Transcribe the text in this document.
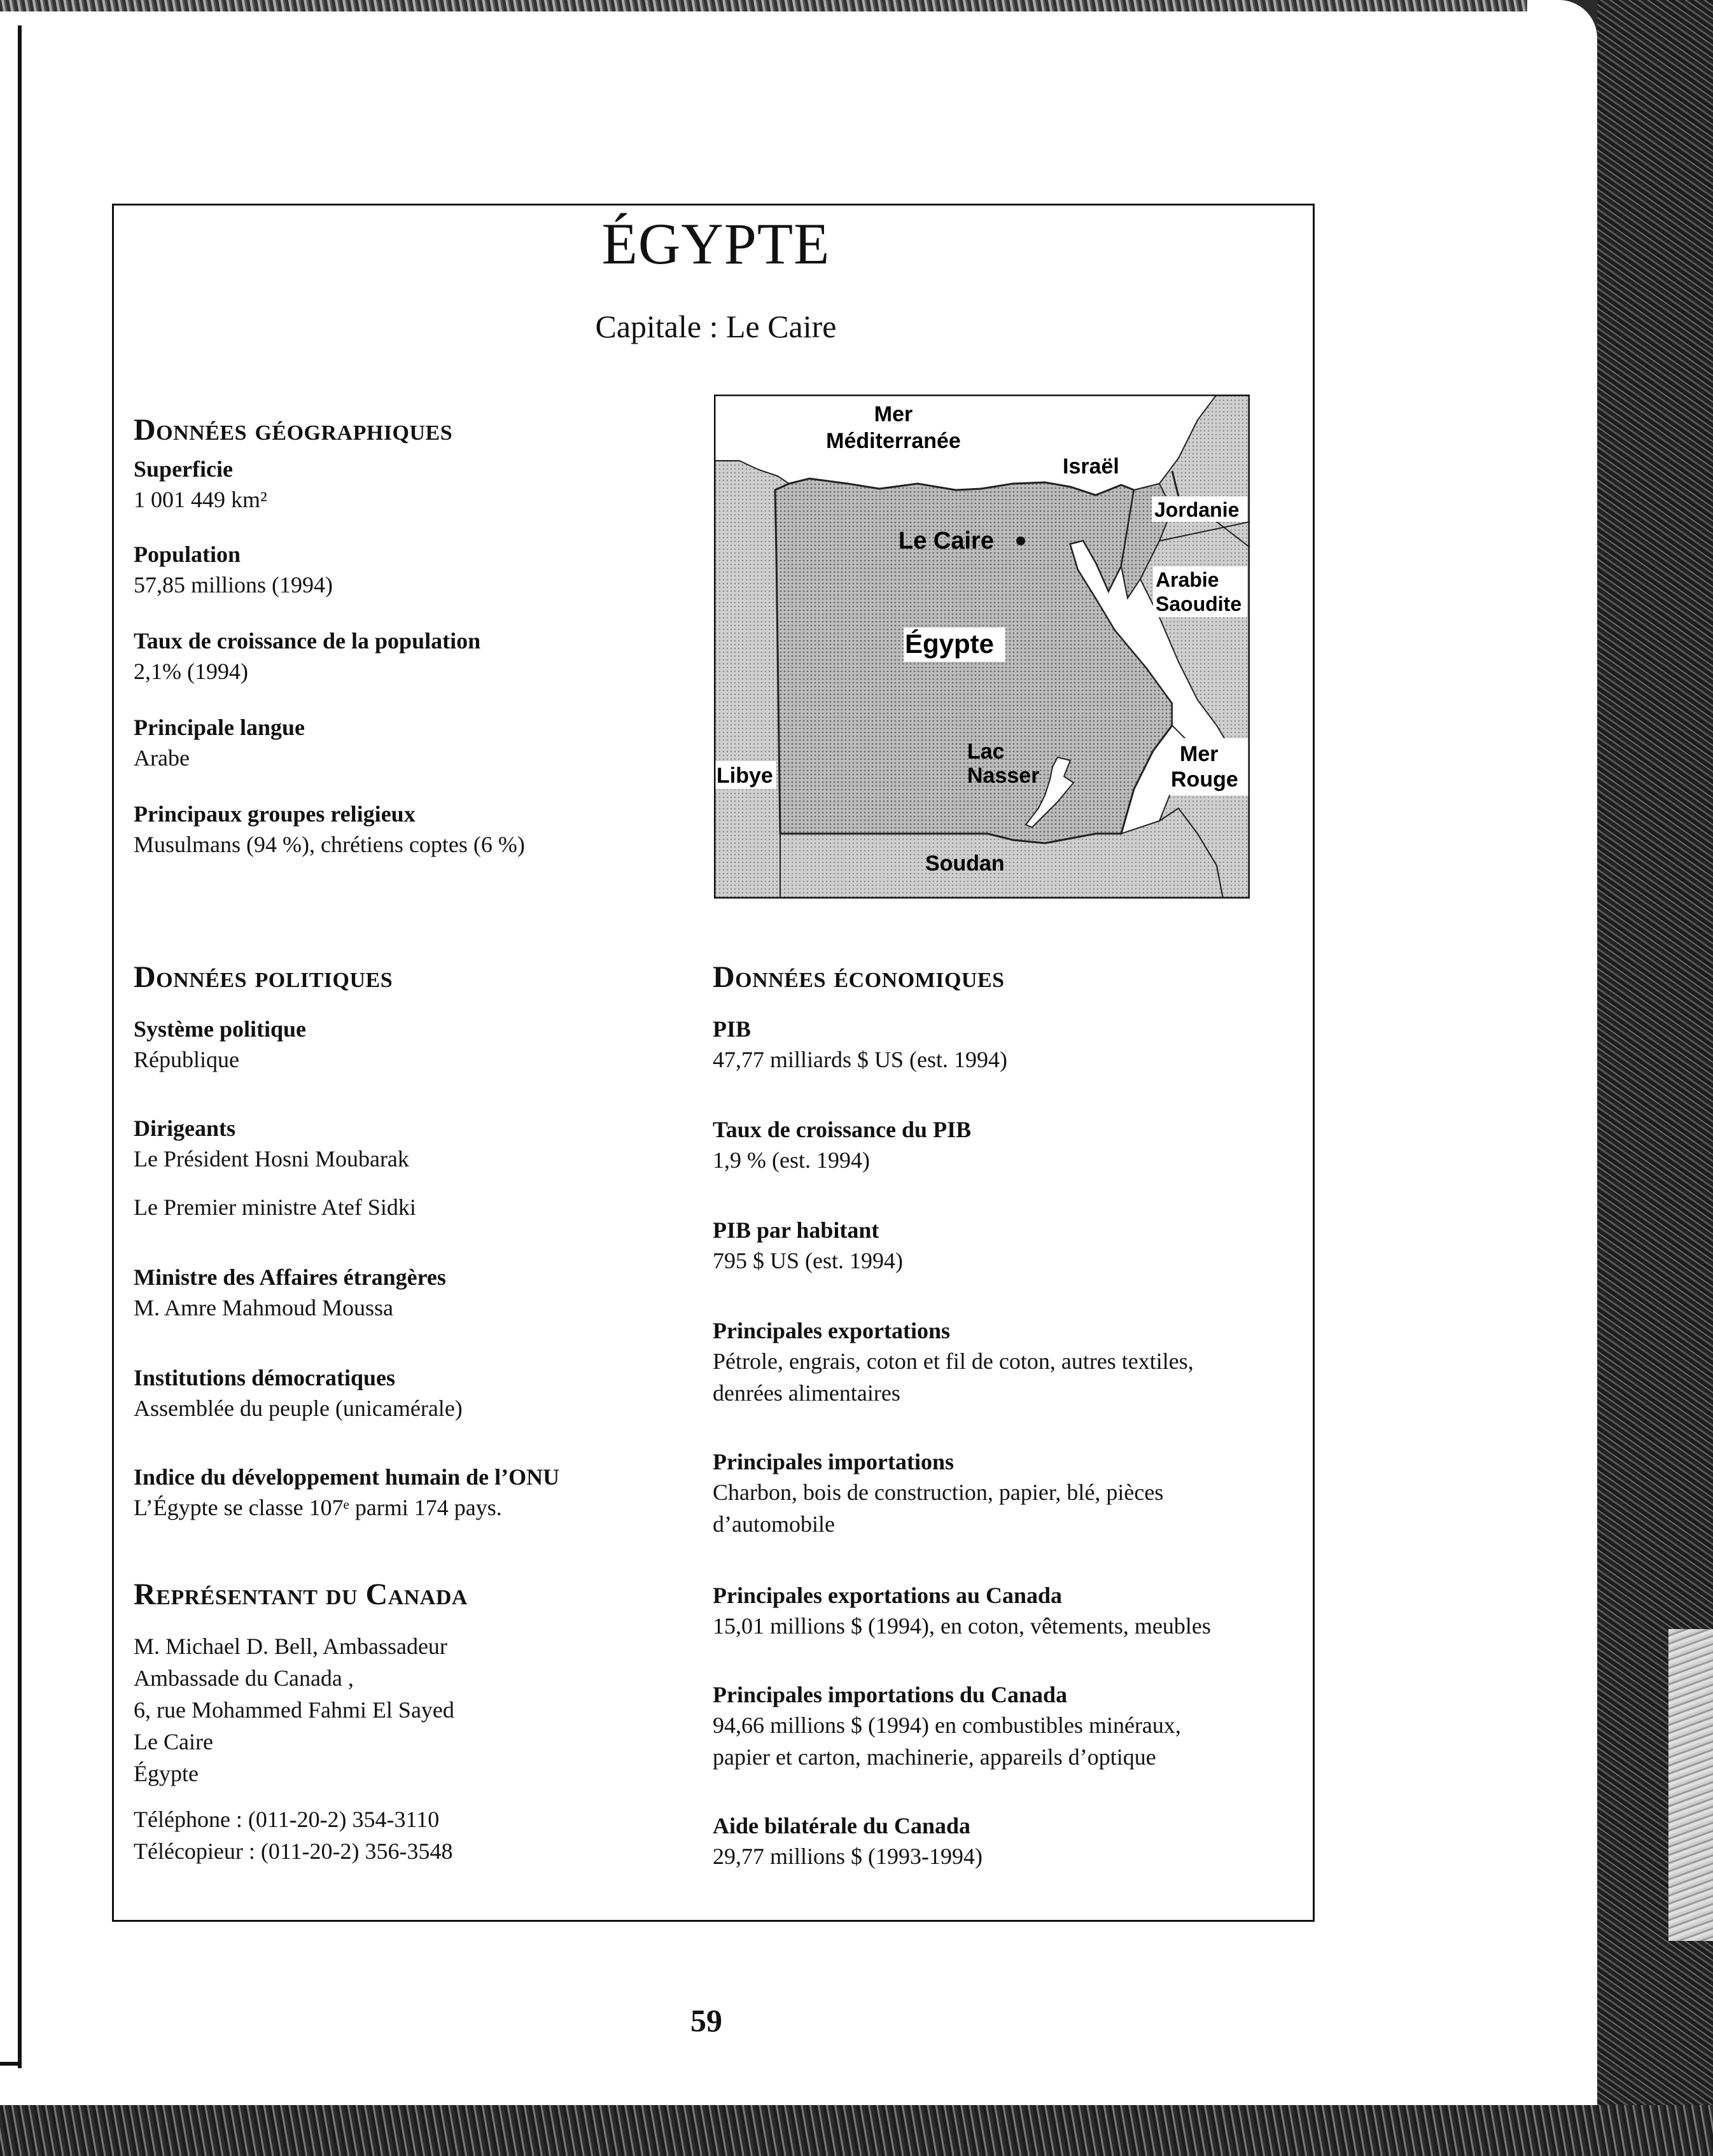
ÉGYPTE
Capitale : Le Caire

Données géographiques

Superficie

1 001 449 km²

Population

57,85 millions (1994)

Taux de croissance de la population

2,1% (1994)

Principale langue

Arabe

Principaux groupes religieux

Musulmans (94 %), chrétiens coptes (6 %)

Mer
Méditerranée
Israël
Jordanie
Le Caire
Arabie
Saoudite
Égypte
Mer
Rouge
Lac
Nasser
Libye
Soudan

Données politiques

Système politique

République

Dirigeants

Le Président Hosni Moubarak

Le Premier ministre Atef Sidki

Ministre des Affaires étrangères

M. Amre Mahmoud Moussa

Institutions démocratiques

Assemblée du peuple (unicamérale)

Indice du développement humain de l’ONU

L’Égypte se classe 107ᵉ parmi 174 pays.

Représentant du Canada

M. Michael D. Bell, Ambassadeur

Ambassade du Canada ,

6, rue Mohammed Fahmi El Sayed

Le Caire

Égypte

Téléphone : (011-20-2) 354-3110

Télécopieur : (011-20-2) 356-3548

Données économiques

PIB

47,77 milliards $ US (est. 1994)

Taux de croissance du PIB

1,9 % (est. 1994)

PIB par habitant

795 $ US (est. 1994)

Principales exportations

Pétrole, engrais, coton et fil de coton, autres textiles,

denrées alimentaires

Principales importations

Charbon, bois de construction, papier, blé, pièces

d’automobile

Principales exportations au Canada

15,01 millions $ (1994), en coton, vêtements, meubles

Principales importations du Canada

94,66 millions $ (1994) en combustibles minéraux,

papier et carton, machinerie, appareils d’optique

Aide bilatérale du Canada

29,77 millions $ (1993-1994)

59
